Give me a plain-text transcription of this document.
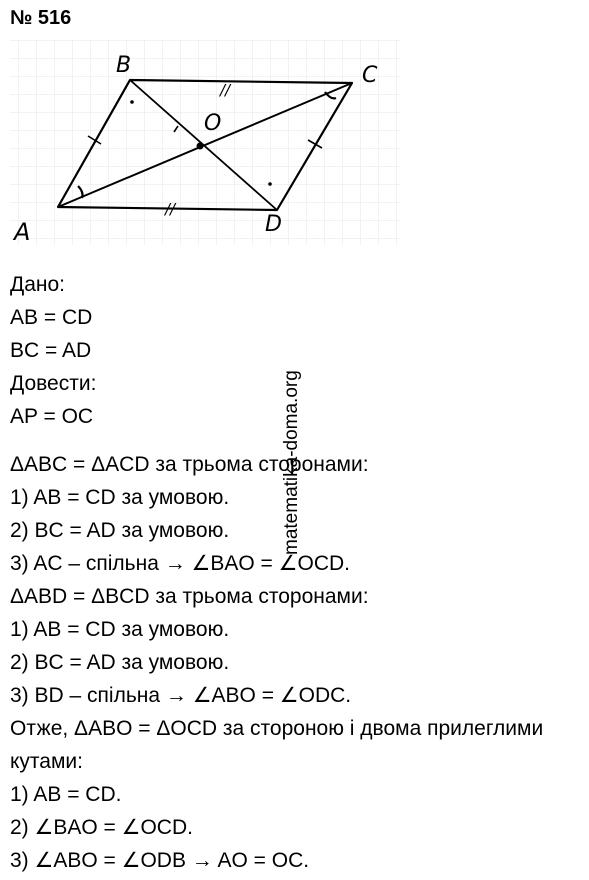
№ 516
B	C
A	D
O
//
//
Дано:
AB = CD
BC = AD
Довести:
AP = OC
ΔABC = ΔACD за трьома сторонами:
1) AB = CD за умовою.
2) BC = AD за умовою.
3) AC – спільна → ∠BAO = ∠OCD.
ΔABD = ΔBCD за трьома сторонами:
1) AB = CD за умовою.
2) BC = AD за умовою.
3) BD – спільна → ∠ABO = ∠ODC.
Отже, ΔABO = ΔOCD за стороною і двома прилеглими
кутами:
1) AB = CD.
2) ∠BAO = ∠OCD.
3) ∠ABO = ∠ODB → AO = OC.
matematika-doma.org
